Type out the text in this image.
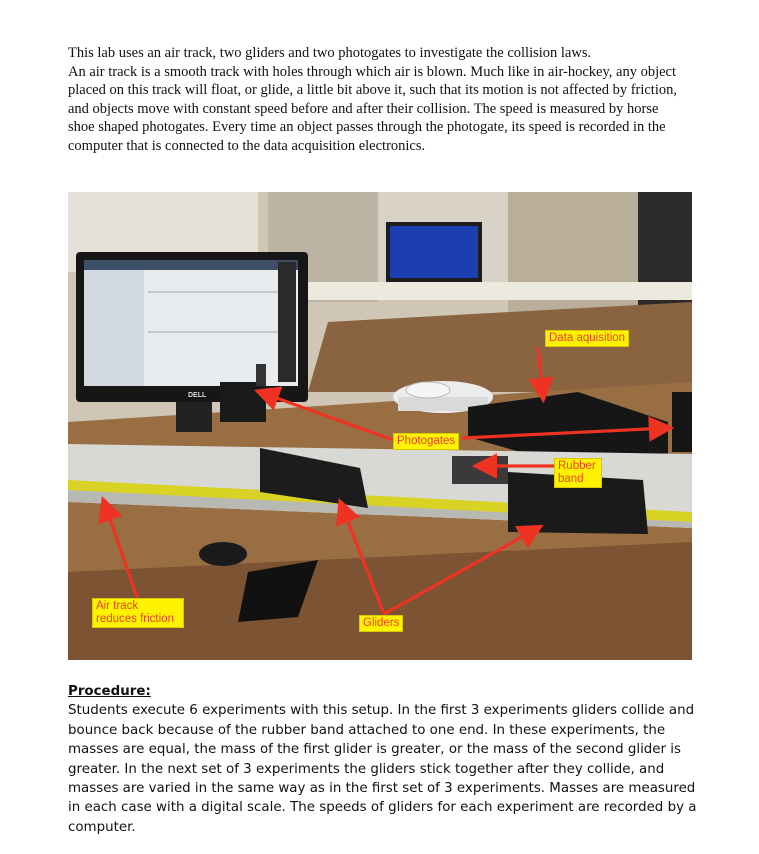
This lab uses an air track, two gliders and two photogates to investigate the collision laws.

An air track is a smooth track with holes through which air is blown. Much like in air-hockey, any object placed on this track will float, or glide, a little bit above it, such that its motion is not affected by friction, and objects move with constant speed before and after their collision. The speed is measured by horse shoe shaped photogates. Every time an object passes through the photogate, its speed is recorded in the computer that is connected to the data acquisition electronics.

DELL
Data aquisition
Photogates
Rubber band
Air track reduces friction	Gliders
Procedure:

Students execute 6 experiments with this setup. In the first 3 experiments gliders collide and bounce back because of the rubber band attached to one end. In these experiments, the masses are equal, the mass of the first glider is greater, or the mass of the second glider is greater. In the next set of 3 experiments the gliders stick together after they collide, and masses are varied in the same way as in the first set of 3 experiments. Masses are measured in each case with a digital scale. The speeds of gliders for each experiment are recorded by a computer.
